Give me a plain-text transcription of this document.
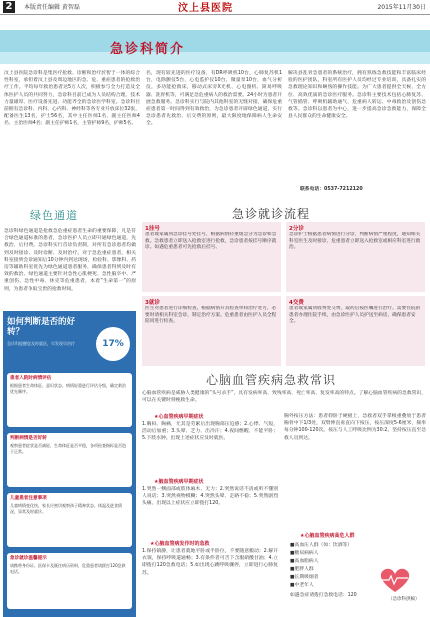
2	本版责任编辑 黄智磊	汶上县医院	2015年11月30日
急诊科简介
汶上县医院急诊科是集医疗抢救、诊断和治疗於智于一体的综合性科室，承担着汶上县及周边地区的急、危、重症患者的抢救治疗工作。平均每年救治患者达5万人次，积极参与全力打造及全体医护人员的共同努力，急诊科目前已成为人员结构合理、技术力量雄厚、医疗设备先进、功能齐全的急诊医学科室。急诊科目前拥有急诊科、内科、心内科、神经科等各专业开放床位32张，配备医生13名，护士56名，其中主任医师1名、副主任医师4名、主治医师4名；副主任护师1名，主管护师9名，护师5名。
名，现有较先进的医疗设备，有DR呼吸机10台，心肺复苏机1台，电除颤仪5台，心电监护仪10台，微量泵10台，血气分析仪，多功能抢救床，移动式床旁X光机、心电图机、简易呼吸器、洗胃机等，可满足急危重病人的救治需要。24小时为患者开展急救服务。急诊科实行与院内其他科室的无缝对接，确保危重症患者第一时间得到有效救治，为急诊患者开辟绿色通道，实行急诊患者先救治、后交费的原则，最大限度地保障病人生命安全。
解决县乱骨急患者的系统治疗，拥有熟练急救技能和丰富临床经验的医护团队，科室所有医护人员均经过专业培训，具备扎实的急救理论知识和娴熟的操作技能。为广大患者提供全天候、全方位、高效优质的急诊医疗服务。急诊科主要技术包括心肺复苏、气管插管、呼吸机辅助通气、危重病人转运、中毒救治及创伤急救等。急诊科以患者为中心，进一步提高急诊急救能力，保障全县人民群众的生命健康安全。
联系电话：0537-7212120
绿色通道
急诊科绿色通道是抢救急危重症患者生命的重要保障，凡是符合绿色通道标准的患者，急诊医护人员立即开通绿色通道，先救治、后付费。急诊科实行首诊负责制，对所有急诊患者均做到及时接诊、及时诊断、及时治疗。对于急危重症患者，相关科室接到会诊通知后10分钟内到达现场，检验科、影像科、药房等辅助科室优先为绿色通道患者服务，确保患者得到及时有效的救治。绿色通道主要针对急性心肌梗死、急性脑卒中、严重创伤、急性中毒、休克等危重患者，本着“生命第一”的原则，为患者争取宝贵的抢救时间。
急诊就诊流程
1挂号
患者或家属到急诊挂号处挂号，根据病情轻重缓急分为急诊和急救。急救患者立即送入抢救室进行抢救，急诊患者按挂号顺序就诊。如遇危重患者可先抢救后挂号。
2分诊
急诊护士根据患者病情进行分诊，判断病情严重程度，通知相关科室医生及时接诊，危重患者立即送入抢救室或相应科室进行救治。
3就诊
医生对患者进行详细检查，根据病情开具检查单和治疗处方，必要时请相关科室会诊，制定治疗方案。危重患者由医护人员全程陪同进行检查。
4交费
患者或家属到收费处交费，取药后按医嘱进行治疗。需要住院的患者办理住院手续，由急诊医护人员护送至病房，确保患者安全。
心脑血管疾病急救常识
心脑血管疾病是威胁人类健康的“头号杀手”，具有发病率高、致残率高、死亡率高、复发率高的特点。了解心脑血管疾病的急救常识，可以在关键时刻挽救生命。
★心血管疾病早期症状
1.胸闷、胸痛，尤其是劳累后出现胸部压迫感；2.心悸、气短，活动后加重；3.头晕、乏力、出冷汗；4.夜间憋醒、不能平卧；5.下肢水肿。出现上述症状应及时就医。
★脑血管疾病早期症状
1.突然一侧面部或肢体麻木、无力；2.突然说话不清或听不懂别人说话；3.突然视物模糊；4.突然头晕、走路不稳；5.突然剧烈头痛。出现以上症状应立即拨打120。
★心脑血管病发作时的急救
1.保持镇静，让患者就地平卧或半卧位，不要随意搬动；2.解开衣领，保持呼吸道通畅；3.有条件者可舌下含服硝酸甘油；4.立即拨打120急救电话；5.如出现心跳呼吸骤停，立即进行心肺复苏。
胸外按压方法：患者仰卧于硬板上，急救者双手掌根重叠放于患者胸骨中下1/3处，双臂伸直垂直向下按压，按压深度5-6厘米，频率每分钟100-120次。按压与人工呼吸比例为30:2。坚持按压直至急救人员到达。
★心脑血管疾病高危人群
■高血压人群（如：饮酒等）
■糖尿病病人
■高血脂病人
■肥胖人群
■长期吸烟者
■中老年人
如遇急症请拨打急救电话：120
（急诊科供稿）
如何判断是否的好转？
急诊科提醒您及时就医，早发现早治疗	17%
患者入院时病情评估
根据患者生命体征、意识状态、病情轻重进行评估分级，确定救治优先顺序。
判断病情是否好转
观察患者症状是否减轻，生命体征是否平稳，各项检查指标是否趋于正常。
儿童患者注意事项
儿童病情变化快，家长应密切观察孩子精神状态、体温及进食情况，异常及时就诊。
急诊就诊温馨提示
请携带身份证、医保卡及既往病历资料，危重患者请拨打120急救电话。
